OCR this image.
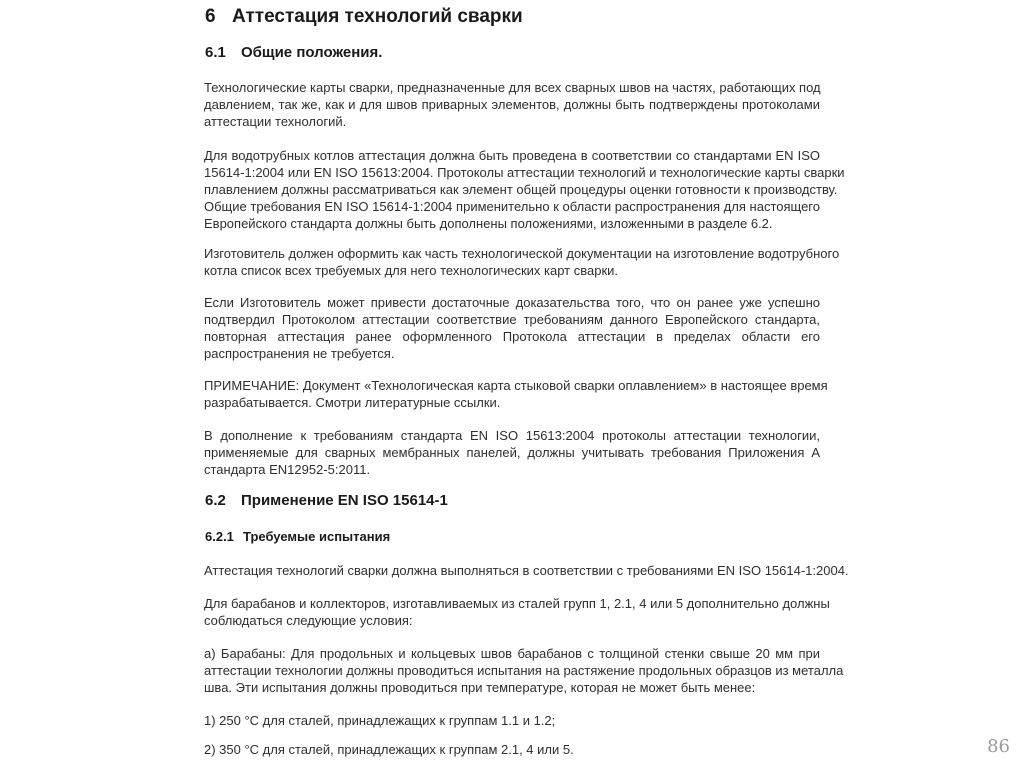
6 Аттестация технологий сварки
6.1 Общие положения.
Технологические карты сварки, предназначенные для всех сварных швов на частях, работающих под
давлением, так же, как и для швов приварных элементов, должны быть подтверждены протоколами
аттестации технологий.
Для водотрубных котлов аттестация должна быть проведена в соответствии со стандартами EN ISO
15614-1:2004 или EN ISO 15613:2004. Протоколы аттестации технологий и технологические карты сварки
плавлением должны рассматриваться как элемент общей процедуры оценки готовности к производству.
Общие требования EN ISO 15614-1:2004 применительно к области распространения для настоящего
Европейского стандарта должны быть дополнены положениями, изложенными в разделе 6.2.
Изготовитель должен оформить как часть технологической документации на изготовление водотрубного
котла список всех требуемых для него технологических карт сварки.
Если Изготовитель может привести достаточные доказательства того, что он ранее уже успешно
подтвердил Протоколом аттестации соответствие требованиям данного Европейского стандарта,
повторная аттестация ранее оформленного Протокола аттестации в пределах области его
распространения не требуется.
ПРИМЕЧАНИЕ: Документ «Технологическая карта стыковой сварки оплавлением» в настоящее время
разрабатывается. Смотри литературные ссылки.
В дополнение к требованиям стандарта EN ISO 15613:2004 протоколы аттестации технологии,
применяемые для сварных мембранных панелей, должны учитывать требования Приложения А
стандарта EN12952-5:2011.
6.2 Применение EN ISO 15614-1
6.2.1 Требуемые испытания
Аттестация технологий сварки должна выполняться в соответствии с требованиями EN ISO 15614-1:2004.
Для барабанов и коллекторов, изготавливаемых из сталей групп 1, 2.1, 4 или 5 дополнительно должны
соблюдаться следующие условия:
а) Барабаны: Для продольных и кольцевых швов барабанов с толщиной стенки свыше 20 мм при
аттестации технологии должны проводиться испытания на растяжение продольных образцов из металла
шва. Эти испытания должны проводиться при температуре, которая не может быть менее:
1) 250 °C для сталей, принадлежащих к группам 1.1 и 1.2;
2) 350 °C для сталей, принадлежащих к группам 2.1, 4 или 5.	86
